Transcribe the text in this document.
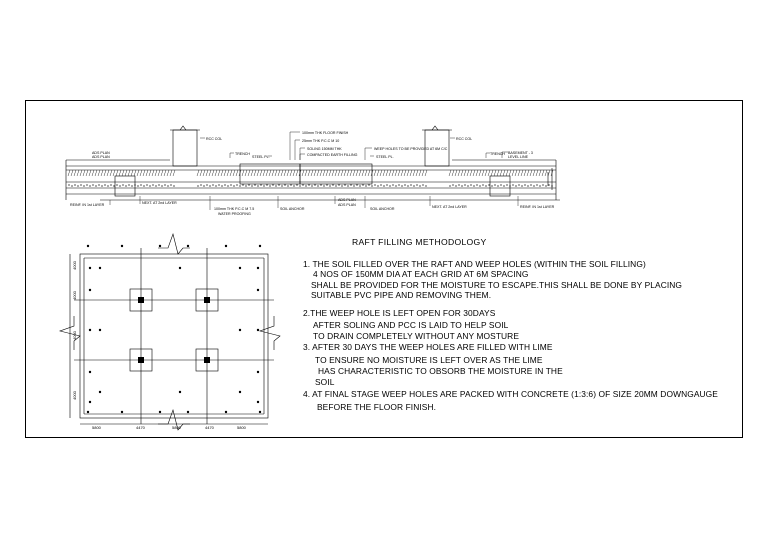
RCC COL	RCC COL
100mm THK FLOOR FINISH
25mm THK P.C.C M 10
SOLING 150MM THK
COMPACTED EARTH FILLING
WEEP HOLES TO BE PROVIDED AT 6M C/C
STEEL PL.	STEEL PL.
TRENCH	TRENCH BASEMENT - 3
LEVEL LINE
ADS PLAN
ADS PLAN
REINF. IN 1st LAYER	REINF. IN 1st LAYER
NEXT. AT 2nd LAYER
NEXT. AT 2nd LAYER
100mm THK P.C.C M 7.5
WATER PROOFING
SOIL ANCHOR	SOIL ANCHOR
ADS PLAN
ADS PLAN
5800	4470	5800	4470	5800
4000
4000
4000
4000
RAFT FILLING METHODOLOGY
1. THE SOIL FILLED OVER THE RAFT AND WEEP HOLES (WITHIN THE SOIL FILLING)
4 NOS OF 150MM DIA AT EACH GRID AT 6M SPACING
SHALL BE PROVIDED FOR THE MOISTURE TO ESCAPE.THIS SHALL BE DONE BY PLACING
SUITABLE PVC PIPE AND REMOVING THEM.
2.THE WEEP HOLE IS LEFT OPEN FOR 30DAYS
AFTER SOLING AND PCC IS LAID TO HELP SOIL
TO DRAIN COMPLETELY WITHOUT ANY MOSTURE
3. AFTER 30 DAYS THE WEEP HOLES ARE FILLED WITH LIME
TO ENSURE NO MOISTURE IS LEFT OVER AS THE LIME
HAS CHARACTERISTIC TO OBSORB THE MOISTURE IN THE
SOIL
4. AT FINAL STAGE WEEP HOLES ARE PACKED WITH CONCRETE (1:3:6) OF SIZE 20MM DOWNGAUGE
BEFORE THE FLOOR FINISH.
